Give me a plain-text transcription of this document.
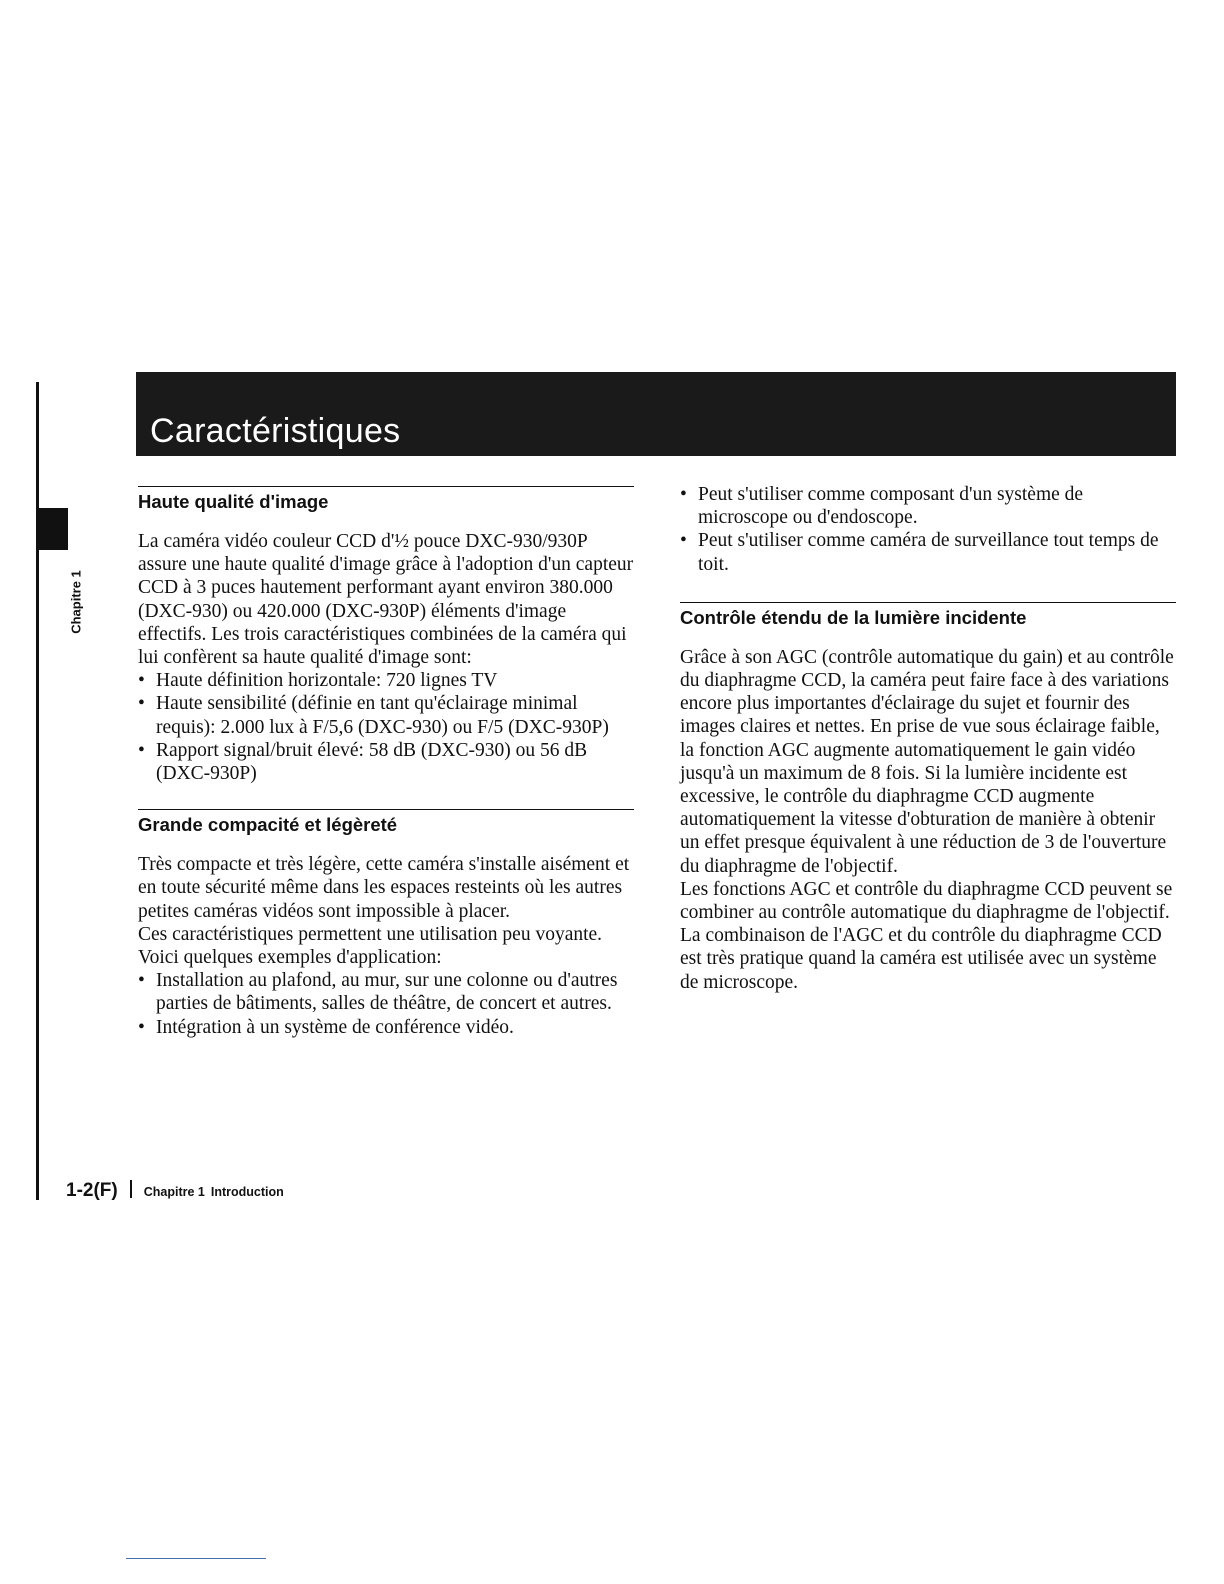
Chapitre 1
Caractéristiques
Haute qualité d'image

La caméra vidéo couleur CCD d'½ pouce DXC-930/930P assure une haute qualité d'image grâce à l'adoption d'un capteur CCD à 3 puces hautement performant ayant environ 380.000 (DXC-930) ou 420.000 (DXC-930P) éléments d'image effectifs. Les trois caractéristiques combinées de la caméra qui lui confèrent sa haute qualité d'image sont:

• Haute définition horizontale: 720 lignes TV
• Haute sensibilité (définie en tant qu'éclairage minimal requis): 2.000 lux à F/5,6 (DXC-930) ou F/5 (DXC-930P)
• Rapport signal/bruit élevé: 58 dB (DXC-930) ou 56 dB (DXC-930P)
Grande compacité et légèreté

Très compacte et très légère, cette caméra s'installe aisément et en toute sécurité même dans les espaces resteints où les autres petites caméras vidéos sont impossible à placer.

Ces caractéristiques permettent une utilisation peu voyante. Voici quelques exemples d'application:

• Installation au plafond, au mur, sur une colonne ou d'autres parties de bâtiments, salles de théâtre, de concert et autres.
• Intégration à un système de conférence vidéo.
• Peut s'utiliser comme composant d'un système de microscope ou d'endoscope.
• Peut s'utiliser comme caméra de surveillance tout temps de toit.
Contrôle étendu de la lumière incidente

Grâce à son AGC (contrôle automatique du gain) et au contrôle du diaphragme CCD, la caméra peut faire face à des variations encore plus importantes d'éclairage du sujet et fournir des images claires et nettes. En prise de vue sous éclairage faible, la fonction AGC augmente automatiquement le gain vidéo jusqu'à un maximum de 8 fois. Si la lumière incidente est excessive, le contrôle du diaphragme CCD augmente automatiquement la vitesse d'obturation de manière à obtenir un effet presque équivalent à une réduction de 3 de l'ouverture du diaphragme de l'objectif.

Les fonctions AGC et contrôle du diaphragme CCD peuvent se combiner au contrôle automatique du diaphragme de l'objectif. La combinaison de l'AGC et du contrôle du diaphragme CCD est très pratique quand la caméra est utilisée avec un système de microscope.

1-2(F) Chapitre 1 Introduction
